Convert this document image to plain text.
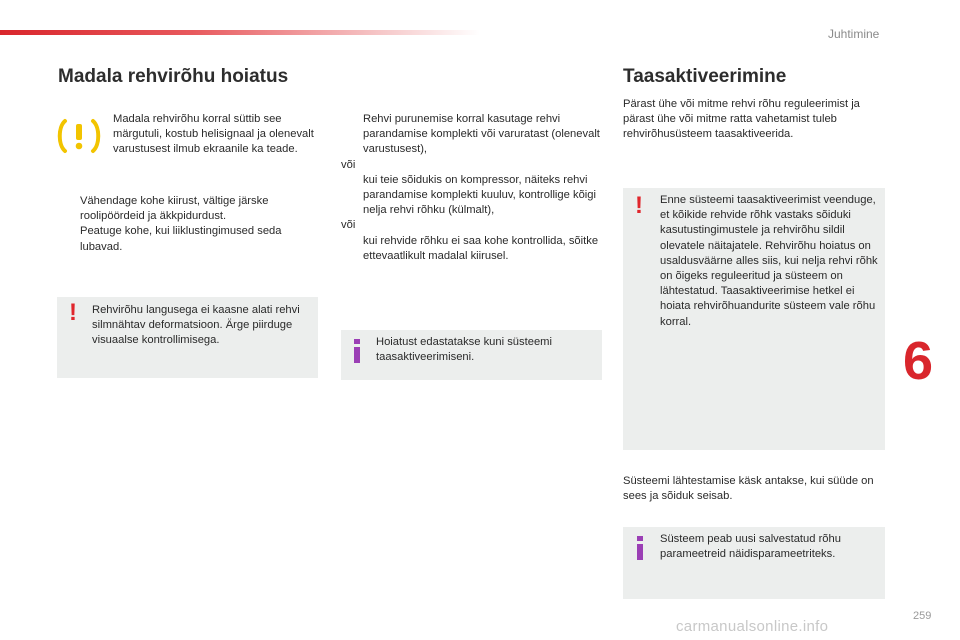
Juhtimine
Madala rehvirõhu hoiatus
Madala rehvirõhu korral süttib see märgutuli, kostub helisignaal ja olenevalt varustusest ilmub ekraanile ka teade.
Vähendage kohe kiirust, vältige järske roolipöördeid ja äkkpidurdust.
Peatuge kohe, kui liiklustingimused seda lubavad.
! Rehvirõhu langusega ei kaasne alati rehvi silmnähtav deformatsioon. Ärge piirduge visuaalse kontrollimisega.
Rehvi purunemise korral kasutage rehvi parandamise komplekti või varuratast (olenevalt varustusest),
või
kui teie sõidukis on kompressor, näiteks rehvi parandamise komplekti kuuluv, kontrollige kõigi nelja rehvi rõhku (külmalt),
või
kui rehvide rõhku ei saa kohe kontrollida, sõitke ettevaatlikult madalal kiirusel.
Hoiatust edastatakse kuni süsteemi taasaktiveerimiseni.
Taasaktiveerimine
Pärast ühe või mitme rehvi rõhu reguleerimist ja pärast ühe või mitme ratta vahetamist tuleb rehvirõhusüsteem taasaktiveerida.
! Enne süsteemi taasaktiveerimist veenduge, et kõikide rehvide rõhk vastaks sõiduki kasutustingimustele ja rehvirõhu sildil olevatele näitajatele. Rehvirõhu hoiatus on usaldusväärne alles siis, kui nelja rehvi rõhk on õigeks reguleeritud ja süsteem on lähtestatud. Taasaktiveerimise hetkel ei hoiata rehvirõhuandurite süsteem vale rõhu korral.
Süsteemi lähtestamise käsk antakse, kui süüde on sees ja sõiduk seisab.
Süsteem peab uusi salvestatud rõhu parameetreid näidisparameetriteks.
6
259
carmanualsonline.info
